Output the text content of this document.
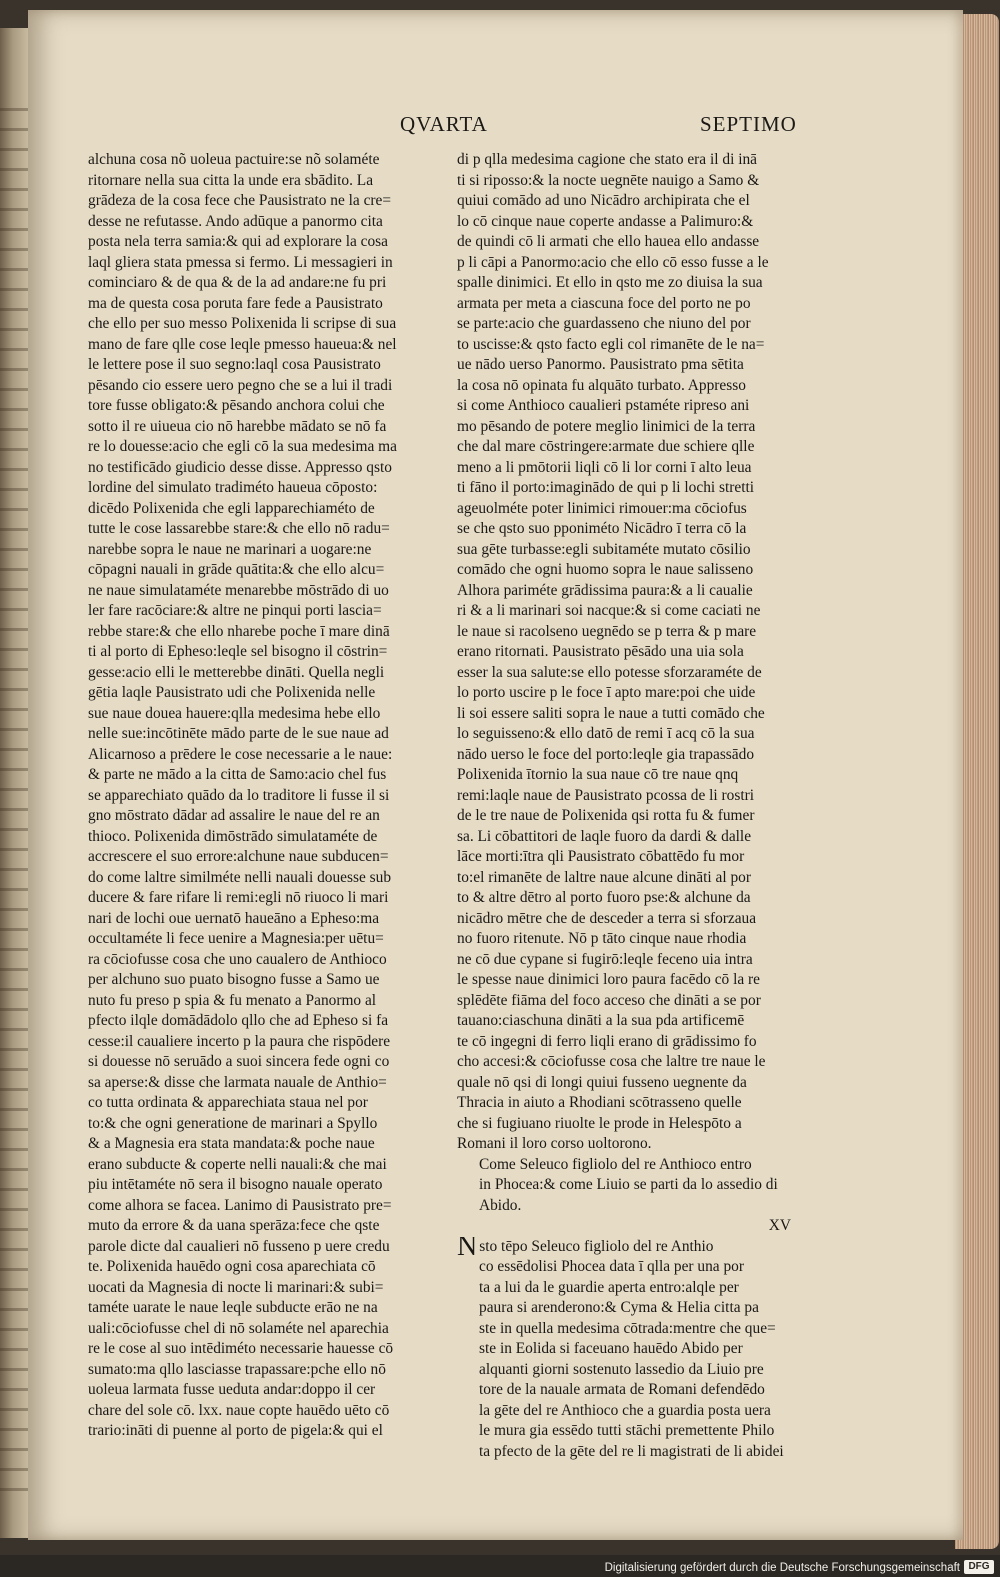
QVARTA	SEPTIMO
alchuna cosa nõ uoleua pactuire:se nõ solaméte
ritornare nella sua citta la unde era sbādito. La
grādeza de la cosa fece che Pausistrato ne la cre=
desse ne refutasse. Ando adūque a panormo cita
posta nela terra samia:& qui ad explorare la cosa
laql gliera stata pmessa si fermo. Li messagieri in
cominciaro & de qua & de la ad andare:ne fu pri
ma de questa cosa poruta fare fede a Pausistrato
che ello per suo messo Polixenida li scripse di sua
mano de fare qlle cose leqle pmesso haueua:& nel
le lettere pose il suo segno:laql cosa Pausistrato
pēsando cio essere uero pegno che se a lui il tradi
tore fusse obligato:& pēsando anchora colui che
sotto il re uiueua cio nō harebbe mādato se nō fa
re lo douesse:acio che egli cō la sua medesima ma
no testificādo giudicio desse disse. Appresso qsto
lordine del simulato tradiméto haueua cōposto:
dicēdo Polixenida che egli lapparechiaméto de
tutte le cose lassarebbe stare:& che ello nō radu=
narebbe sopra le naue ne marinari a uogare:ne
cōpagni nauali in grāde quātita:& che ello alcu=
ne naue simulataméte menarebbe mōstrādo di uo
ler fare racōciare:& altre ne pinqui porti lascia=
rebbe stare:& che ello nharebe poche ī mare dinā
ti al porto di Epheso:leqle sel bisogno il cōstrin=
gesse:acio elli le metterebbe dināti. Quella negli
gētia laqle Pausistrato udi che Polixenida nelle
sue naue doueа hauere:qlla medesima hebe ello
nelle sue:incōtinēte mādo parte de le sue naue ad
Alicarnoso a prēdere le cose necessarie a le naue:
& parte ne mādo a la citta de Samo:acio chel fus
se apparechiato quādo da lo traditore li fusse il si
gno mōstrato dādar ad assalire le naue del re an
thioco. Polixenida dimōstrādo simulataméte de
accrescere el suo errore:alchune naue subducen=
do come laltre similméte nelli nauali douesse sub
ducere & fare rifare li remi:egli nō riuoco li mari
nari de lochi oue uernatō haueāno a Epheso:ma
occultaméte li fece uenire a Magnesia:per uētu=
ra cōciofusse cosa che uno caualero de Anthioco
per alchuno suo puato bisogno fusse a Samo ue
nuto fu preso p spia & fu menato a Panormo al
pfecto ilqle domādādolo qllo che ad Epheso si fa
cesse:il caualiere incerto p la paura che rispōdere
si douesse nō seruādo a suoi sincera fede ogni co
sa aperse:& disse che larmata nauale de Anthio=
co tutta ordinata & apparechiata staua nel por
to:& che ogni generatione de marinari a Spyllo
& a Magnesia era stata mandata:& poche naue
erano subducte & coperte nelli nauali:& che mai
piu intētaméte nō sera il bisogno nauale operato
come alhora se facea. Lanimo di Pausistrato pre=
muto da errore & da uana sperāza:fece che qste
parole dicte dal caualieri nō fusseno p uere credu
te. Polixenida hauēdo ogni cosa aparechiata cō
uocati da Magnesia di nocte li marinari:& subi=
taméte uarate le naue leqle subducte erāo ne na
uali:cōciofusse chel di nō solaméte nel apareсhia
re le cose al suo intēdiméto necessarie hauesse cō
sumato:ma qllo lasciasse trapassare:pche ello nō
uoleua larmata fusse ueduta andar:doppo il cer
chare del sole cō. lxx. naue copte hauēdo uēto cō
trario:ināti di puenne al porto de pigela:& qui el
di p qlla medesima cagione che stato era il di inā
ti si riposso:& la nocte uegnēte nauigo a Samo &
quiui comādo ad uno Nicādro archipirata che el
lo cō cinque naue coperte andasse a Palimuro:&
de quindi cō li armati che ello hauea ello andasse
p li cāpi a Panormo:acio che ello cō esso fusse a le
spalle dinimici. Et ello in qsto me zo diuisa la sua
armata per meta a ciascuna foce del porto ne po
se parte:acio che guardasseno che niuno del por
to uscisse:& qsto facto egli col rimanēte de le na=
ue nādo uerso Panormo. Pausistrato pma sētita
la cosa nō opinata fu alquāto turbato. Appresso
si come Anthioco caualieri pstaméte ripreso ani
mo pēsando de potere meglio linimici de la terra
che dal mare cōstringere:armate due schiere qlle
meno a li pmōtorii liqli cō li lor corni ī alto leua
ti fāno il porto:imaginādo de qui p li lochi stretti
ageuolméte poter linimici rimouer:ma cōciofus
se che qsto suo pponiméto Nicādro ī terra cō la
sua gēte turbasse:egli subitaméte mutato cōsilio
comādo che ogni huomo sopra le naue salisseno
Alhora pariméte grādissima paura:& a li caualie
ri & a li marinari soi nacque:& si come caciati ne
le naue si racolseno uegnēdo se p terra & p mare
erano ritornati. Pausistrato pēsādo una uia sola
esser la sua salute:se ello potesse sforzaraméte de
lo porto uscire p le foce ī apto mare:poi che uide
li soi essere saliti sopra le naue a tutti comādo che
lo seguisseno:& ello datō de remi ī acq cō la sua
nādo uerso le foce del porto:leqle gia trapassādo
Polixenida ītornio la sua naue cō tre naue qnq
remi:laqle naue de Pausistrato pcossa de li rostri
de le tre naue de Polixenida qsi rotta fu & fumer
sa. Li cōbattitori de laqle fuoro da dardi & dalle
lāce morti:ītra qli Pausistrato cōbattēdo fu mor
to:el rimanēte de laltre naue alcune dināti al por
to & altre dētro al porto fuoro pse:& alchune da
nicādro mētre che de desceder a terra si sforzaua
no fuoro ritenute. Nō p tāto cinque naue rhodia
ne cō due cypane si fugirō:leqle feceno uia intra
le spesse naue dinimici loro paura facēdo cō la re
splēdēte fiāma del foco acceso che dināti a se por
tauano:ciaschuna dināti a la sua pda artificemē
te cō ingegni di ferro liqli erano di grādissimo fo
cho accesi:& cōciofusse cosa che laltre tre naue le
quale nō qsi di longi quiui fusseno uegnente da
Thracia in aiuto a Rhodiani scōtrasseno quelle
che si fugiuano riuolte le prode in Helespōto a
Romani il loro corso uoltorono.
Come Seleuco figliolo del re Anthioco entro
in Phocea:& come Liuio se parti da lo assedio di
Abido.
XV
Nsto tēpo Seleuco figliolo del re Anthio
co essēdolisi Phocea data ī qlla per una por
ta a lui da le guardie aperta entro:alqle per
paura si arenderono:& Cyma & Helia citta pa
ste in quella medesima cōtrada:mentre che que=
ste in Eolida si faceuano hauēdo Abido per
alquanti giorni sostenuto lassedio da Liuio pre
tore de la nauale armata de Romani defendēdo
la gēte del re Anthioco che a guardia posta uera
le mura gia essēdo tutti stāchi premettente Philo
ta pfecto de la gēte del re li magistrati de li abidei
Digitalisierung gefördert durch die Deutsche Forschungsgemeinschaft DFG
